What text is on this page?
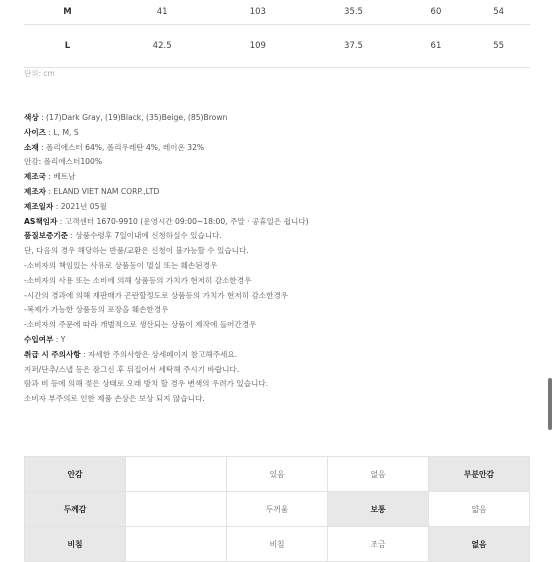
M	41	103	35.5	60	54
L	42.5	109	37.5	61	55
단위: cm
색상 : (17)Dark Gray, (19)Black, (35)Beige, (85)Brown
사이즈 : L, M, S
소재 : 폴리에스터 64%, 폴리우레탄 4%, 레이온 32%
안감: 폴리에스터100%
제조국 : 베트남
제조자 : ELAND VIET NAM CORP.,LTD
제조일자 : 2021년 05월
AS책임자 : 고객센터 1670-9910 (운영시간 09:00~18:00, 주말 · 공휴일은 쉽니다)
품질보증기준 : 상품수령후 7일이내에 신청하실수 있습니다.
단, 다음의 경우 해당하는 반품/교환은 신청이 불가능할 수 있습니다.
-소비자의 책임있는 사유로 상품등이 멸실 또는 훼손된경우
-소비자의 사용 또는 소비에 의해 상품등의 가치가 현저히 감소한경우
-시간의 경과에 의해 재판매가 곤란할정도로 상품등의 가치가 현저히 감소한경우
-복제가 가능한 상품등의 포장을 훼손한경우
-소비자의 주문에 따라 개별적으로 생산되는 상품이 제작에 들어간경우
수입여부 : Y
취급 시 주의사항 : 자세한 주의사항은 상세페이지 참고해주세요.
지퍼/단추/스냅 등은 잠그신 후 뒤집어서 세탁해 주시기 바랍니다.
땀과 비 등에 의해 젖은 상태로 오래 방치 할 경우 변색의 우려가 있습니다.
소비자 부주의로 인한 제품 손상은 보상 되지 않습니다.
안감		있음	없음	부분안감
두께감		두꺼움	보통	얇음
비침		비침	조금	없음
